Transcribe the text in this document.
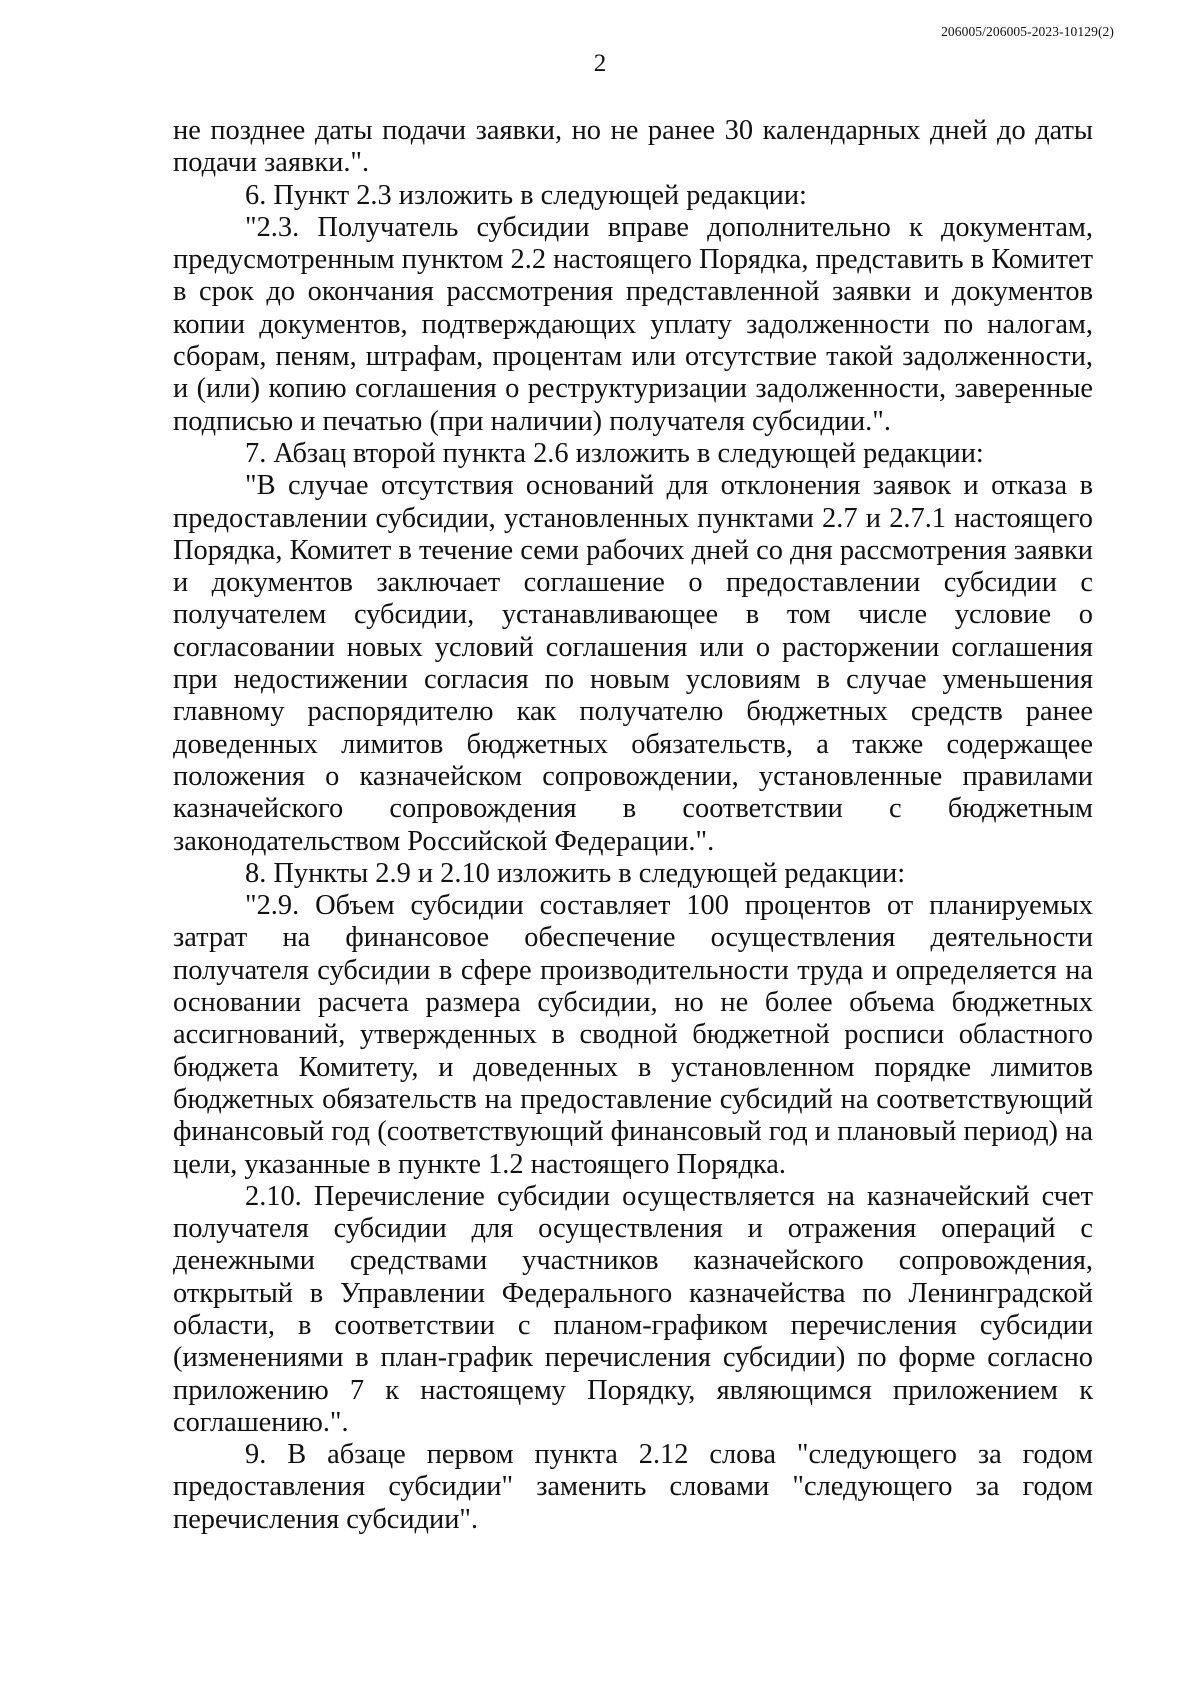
206005/206005-2023-10129(2)
2

не позднее даты подачи заявки, но не ранее 30 календарных дней до даты подачи заявки.".

6. Пункт 2.3 изложить в следующей редакции:

"2.3. Получатель субсидии вправе дополнительно к документам, предусмотренным пунктом 2.2 настоящего Порядка, представить в Комитет в срок до окончания рассмотрения представленной заявки и документов копии документов, подтверждающих уплату задолженности по налогам, сборам, пеням, штрафам, процентам или отсутствие такой задолженности, и (или) копию соглашения о реструктуризации задолженности, заверенные подписью и печатью (при наличии) получателя субсидии.".

7. Абзац второй пункта 2.6 изложить в следующей редакции:

"В случае отсутствия оснований для отклонения заявок и отказа в предоставлении субсидии, установленных пунктами 2.7 и 2.7.1 настоящего Порядка, Комитет в течение семи рабочих дней со дня рассмотрения заявки и документов заключает соглашение о предоставлении субсидии с получателем субсидии, устанавливающее в том числе условие о согласовании новых условий соглашения или о расторжении соглашения при недостижении согласия по новым условиям в случае уменьшения главному распорядителю как получателю бюджетных средств ранее доведенных лимитов бюджетных обязательств, а также содержащее положения о казначейском сопровождении, установленные правилами казначейского сопровождения в соответствии с бюджетным законодательством Российской Федерации.".

8. Пункты 2.9 и 2.10 изложить в следующей редакции:

"2.9. Объем субсидии составляет 100 процентов от планируемых затрат на финансовое обеспечение осуществления деятельности получателя субсидии в сфере производительности труда и определяется на основании расчета размера субсидии, но не более объема бюджетных ассигнований, утвержденных в сводной бюджетной росписи областного бюджета Комитету, и доведенных в установленном порядке лимитов бюджетных обязательств на предоставление субсидий на соответствующий финансовый год (соответствующий финансовый год и плановый период) на цели, указанные в пункте 1.2 настоящего Порядка.

2.10. Перечисление субсидии осуществляется на казначейский счет получателя субсидии для осуществления и отражения операций с денежными средствами участников казначейского сопровождения, открытый в Управлении Федерального казначейства по Ленинградской области, в соответствии с планом-графиком перечисления субсидии (изменениями в план-график перечисления субсидии) по форме согласно приложению 7 к настоящему Порядку, являющимся приложением к соглашению.".

9. В абзаце первом пункта 2.12 слова "следующего за годом предоставления субсидии" заменить словами "следующего за годом перечисления субсидии".
